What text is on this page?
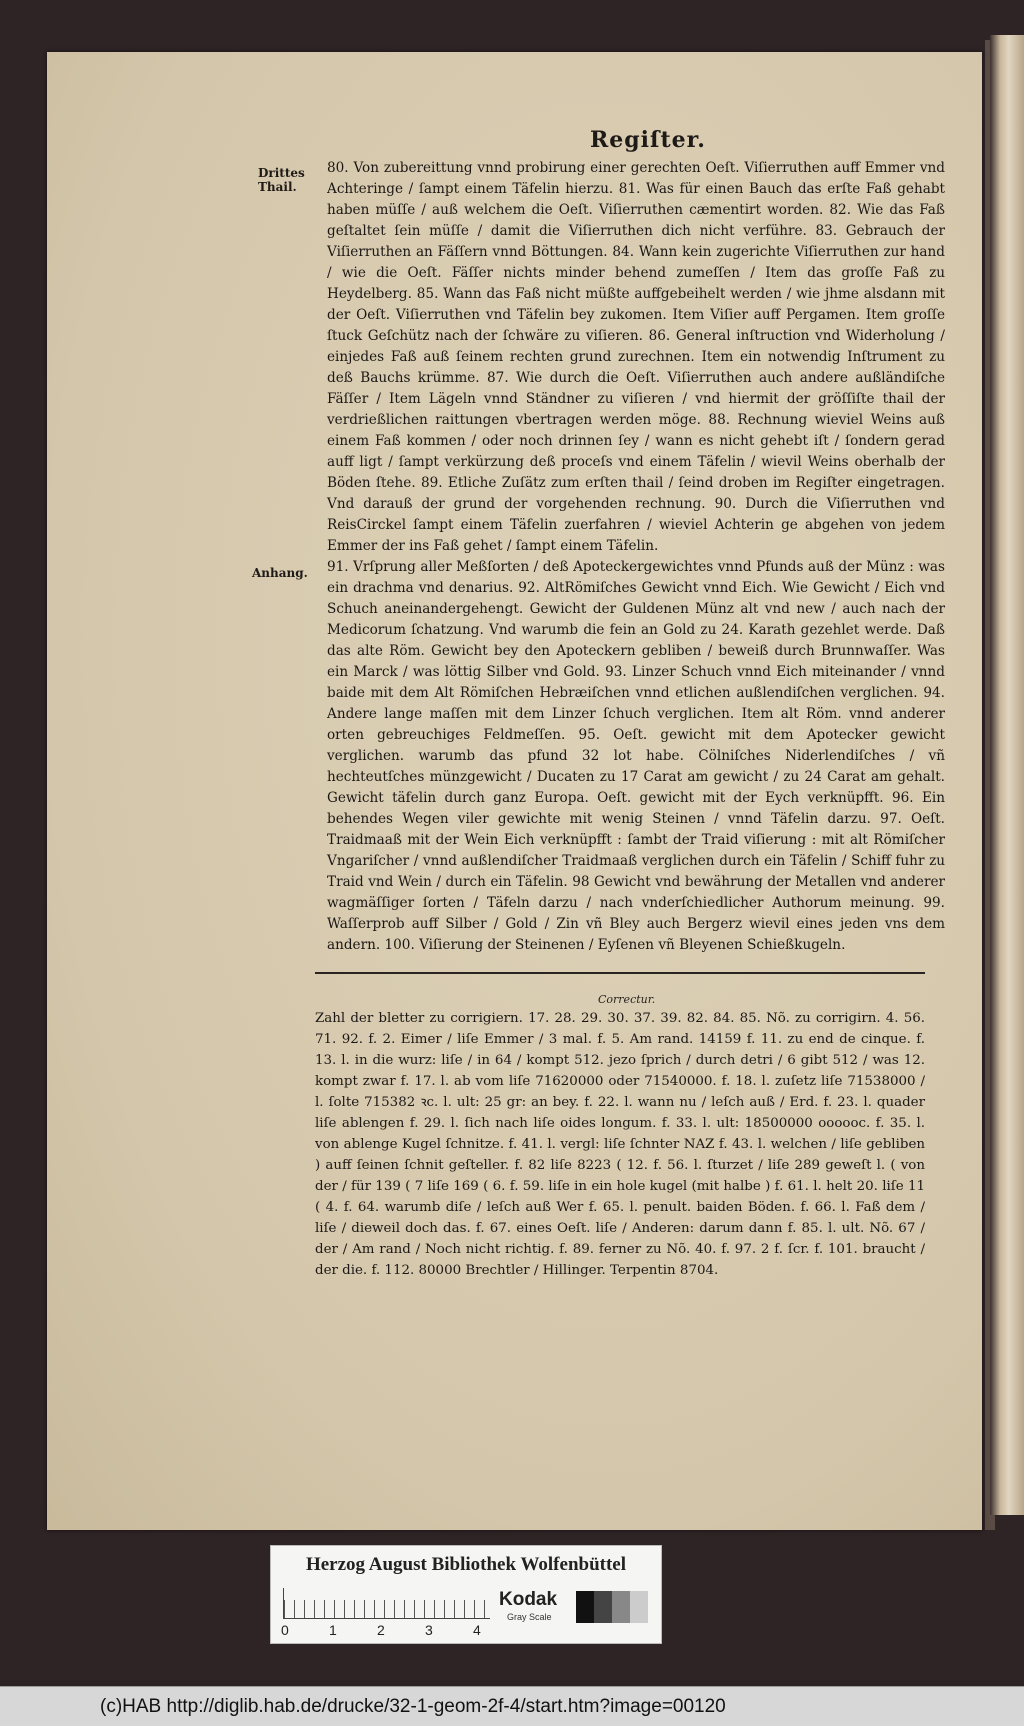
Regiſter.
Drittes Thail.
Anhang.

80. Von zubereittung vnnd probirung einer gerechten Oeſt. Viſierruthen auff Emmer vnd Achteringe / ſampt einem Täfelin hierzu. 81. Was für einen Bauch das erſte Faß gehabt haben müſſe / auß welchem die Oeſt. Viſierruthen cæmentirt worden. 82. Wie das Faß geſtaltet ſein müſſe / damit die Viſierruthen dich nicht verführe. 83. Gebrauch der Viſierruthen an Fäſſern vnnd Böttungen. 84. Wann kein zugerichte Viſierruthen zur hand / wie die Oeſt. Fäſſer nichts minder behend zumeſſen / Item das groſſe Faß zu Heydelberg. 85. Wann das Faß nicht müßte auffgebeihelt werden / wie jhme alsdann mit der Oeſt. Viſierruthen vnd Täfelin bey zukomen. Item Viſier auff Pergamen. Item groſſe ſtuck Geſchütz nach der ſchwäre zu viſieren. 86. General inſtruction vnd Widerholung / einjedes Faß auß ſeinem rechten grund zurechnen. Item ein notwendig Inſtrument zu deß Bauchs krümme. 87. Wie durch die Oeſt. Viſierruthen auch andere außländiſche Fäſſer / Item Lägeln vnnd Ständner zu viſieren / vnd hiermit der gröſſiſte thail der verdrießlichen raittungen vbertragen werden möge. 88. Rechnung wieviel Weins auß einem Faß kommen / oder noch drinnen ſey / wann es nicht gehebt iſt / ſondern gerad auff ligt / ſampt verkürzung deß proceſs vnd einem Täfelin / wievil Weins oberhalb der Böden ſtehe. 89. Etliche Zuſätz zum erſten thail / ſeind droben im Regiſter eingetragen. Vnd darauß der grund der vorgehenden rechnung. 90. Durch die Viſierruthen vnd ReisCirckel ſampt einem Täfelin zuerfahren / wieviel Achterin ge abgehen von jedem Emmer der ins Faß gehet / ſampt einem Täfelin.

91. Vrſprung aller Meßſorten / deß Apoteckergewichtes vnnd Pfunds auß der Münz : was ein drachma vnd denarius. 92. AltRömiſches Gewicht vnnd Eich. Wie Gewicht / Eich vnd Schuch aneinandergehengt. Gewicht der Guldenen Münz alt vnd new / auch nach der Medicorum ſchatzung. Vnd warumb die fein an Gold zu 24. Karath gezehlet werde. Daß das alte Röm. Gewicht bey den Apoteckern gebliben / beweiß durch Brunnwaſſer. Was ein Marck / was löttig Silber vnd Gold. 93. Linzer Schuch vnnd Eich miteinander / vnnd baide mit dem Alt Römiſchen Hebræiſchen vnnd etlichen außlendiſchen verglichen. 94. Andere lange maſſen mit dem Linzer ſchuch verglichen. Item alt Röm. vnnd anderer orten gebreuchiges Feldmeſſen. 95. Oeſt. gewicht mit dem Apotecker gewicht verglichen. warumb das pfund 32 lot habe. Cölniſches Niderlendiſches / vñ hechteutſches münzgewicht / Ducaten zu 17 Carat am gewicht / zu 24 Carat am gehalt. Gewicht täfelin durch ganz Europa. Oeſt. gewicht mit der Eych verknüpfft. 96. Ein behendes Wegen viler gewichte mit wenig Steinen / vnnd Täfelin darzu. 97. Oeſt. Traidmaaß mit der Wein Eich verknüpfft : ſambt der Traid viſierung : mit alt Römiſcher Vngariſcher / vnnd außlendiſcher Traidmaaß verglichen durch ein Täfelin / Schiff fuhr zu Traid vnd Wein / durch ein Täfelin. 98 Gewicht vnd bewährung der Metallen vnd anderer wagmäſſiger ſorten / Täfeln darzu / nach vnderſchiedlicher Authorum meinung. 99. Waſſerprob auff Silber / Gold / Zin vñ Bley auch Bergerz wievil eines jeden vns dem andern. 100. Viſierung der Steinenen / Eyſenen vñ Bleyenen Schießkugeln.

Correctur.

Zahl der bletter zu corrigiern. 17. 28. 29. 30. 37. 39. 82. 84. 85. Nõ. zu corrigirn. 4. 56. 71. 92. f. 2. Eimer / liſe Emmer / 3 mal. f. 5. Am rand. 14159 f. 11. zu end de cinque. f. 13. l. in die wurz: liſe / in 64 / kompt 512. jezo ſprich / durch detri / 6 gibt 512 / was 12. kompt zwar f. 17. l. ab vom liſe 71620000 oder 71540000. f. 18. l. zuſetz liſe 71538000 / l. ſolte 715382 ꝛc. l. ult: 25 gr: an bey. f. 22. l. wann nu / leſch auß / Erd. f. 23. l. quader liſe ablengen f. 29. l. ſich nach liſe oides longum. f. 33. l. ult: 18500000 oooooc. f. 35. l. von ablenge Kugel ſchnitze. f. 41. l. vergl: liſe ſchnter NAZ f. 43. l. welchen / liſe gebliben ) auff ſeinen ſchnit geſteller. f. 82 liſe 8223 ( 12. f. 56. l. ſturzet / liſe 289 geweſt l. ( von der / für 139 ( 7 liſe 169 ( 6. f. 59. liſe in ein hole kugel (mit halbe ) f. 61. l. helt 20. liſe 11 ( 4. f. 64. warumb diſe / leſch auß Wer f. 65. l. penult. baiden Böden. f. 66. l. Faß dem / liſe / dieweil doch das. f. 67. eines Oeſt. liſe / Anderen: darum dann f. 85. l. ult. Nõ. 67 / der / Am rand / Noch nicht richtig. f. 89. ferner zu Nõ. 40. f. 97. 2 f. ſcr. f. 101. braucht / der die. f. 112. 80000 Brechtler / Hillinger. Terpentin 8704.

Herzog August Bibliothek Wolfenbüttel
0	1	2	3	4
Kodak
Gray Scale
(c)HAB http://diglib.hab.de/drucke/32-1-geom-2f-4/start.htm?image=00120
